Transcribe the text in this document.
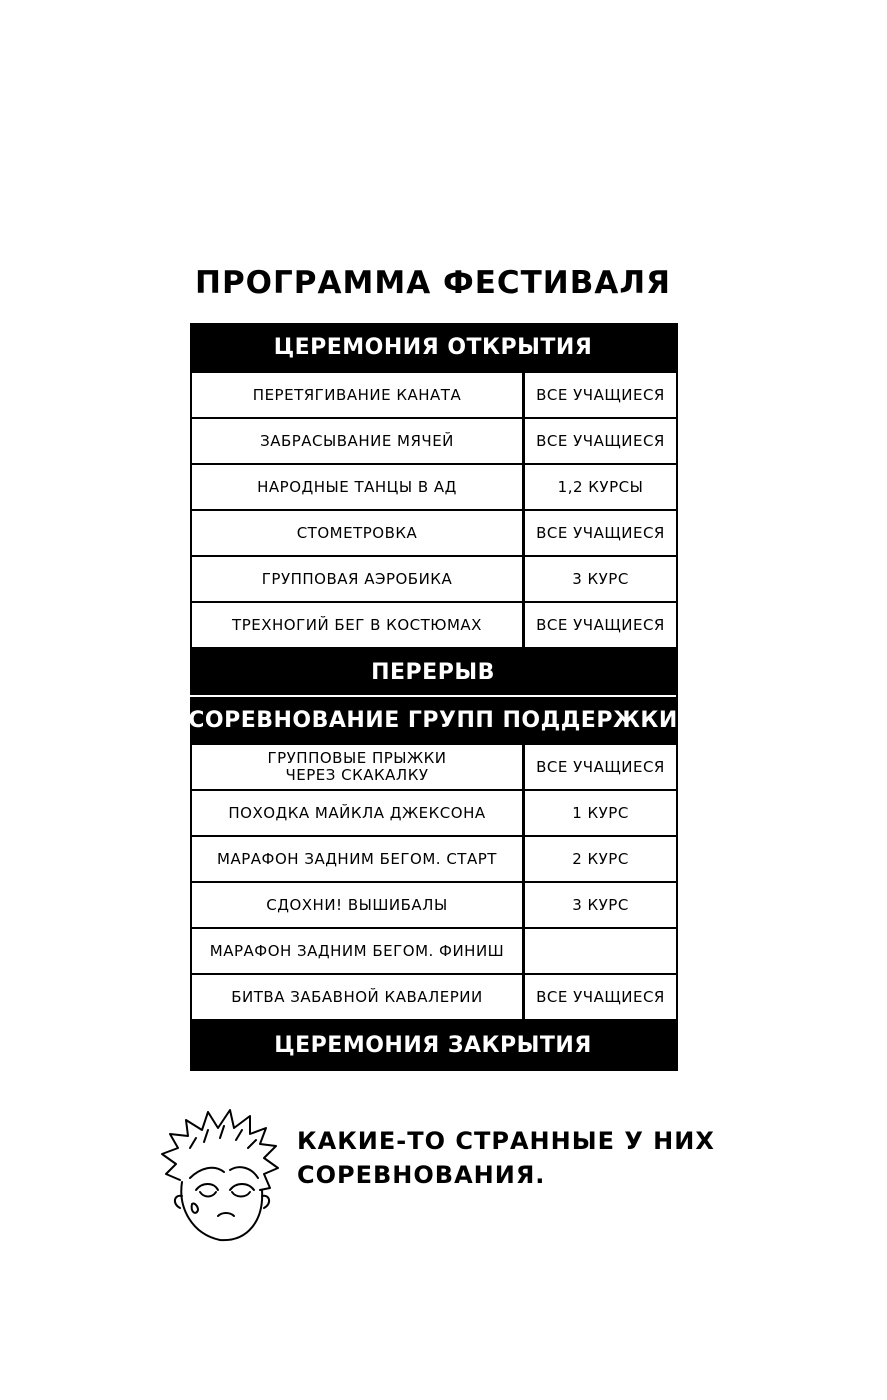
ПРОГРАММА ФЕСТИВАЛЯ
ЦЕРЕМОНИЯ ОТКРЫТИЯ
ПЕРЕТЯГИВАНИЕ КАНАТА	ВСЕ УЧАЩИЕСЯ
ЗАБРАСЫВАНИЕ МЯЧЕЙ	ВСЕ УЧАЩИЕСЯ
НАРОДНЫЕ ТАНЦЫ В АД	1,2 КУРСЫ
СТОМЕТРОВКА	ВСЕ УЧАЩИЕСЯ
ГРУППОВАЯ АЭРОБИКА	3 КУРС
ТРЕХНОГИЙ БЕГ В КОСТЮМАХ	ВСЕ УЧАЩИЕСЯ
ПЕРЕРЫВ
СОРЕВНОВАНИЕ ГРУПП ПОДДЕРЖКИ
ГРУППОВЫЕ ПРЫЖКИ
ЧЕРЕЗ СКАКАЛКУ	ВСЕ УЧАЩИЕСЯ
ПОХОДКА МАЙКЛА ДЖЕКСОНА	1 КУРС
МАРАФОН ЗАДНИМ БЕГОМ. СТАРТ	2 КУРС
СДОХНИ! ВЫШИБАЛЫ	3 КУРС
МАРАФОН ЗАДНИМ БЕГОМ. ФИНИШ
БИТВА ЗАБАВНОЙ КАВАЛЕРИИ	ВСЕ УЧАЩИЕСЯ
ЦЕРЕМОНИЯ ЗАКРЫТИЯ
КАКИЕ-ТО СТРАННЫЕ У НИХ
СОРЕВНОВАНИЯ.
